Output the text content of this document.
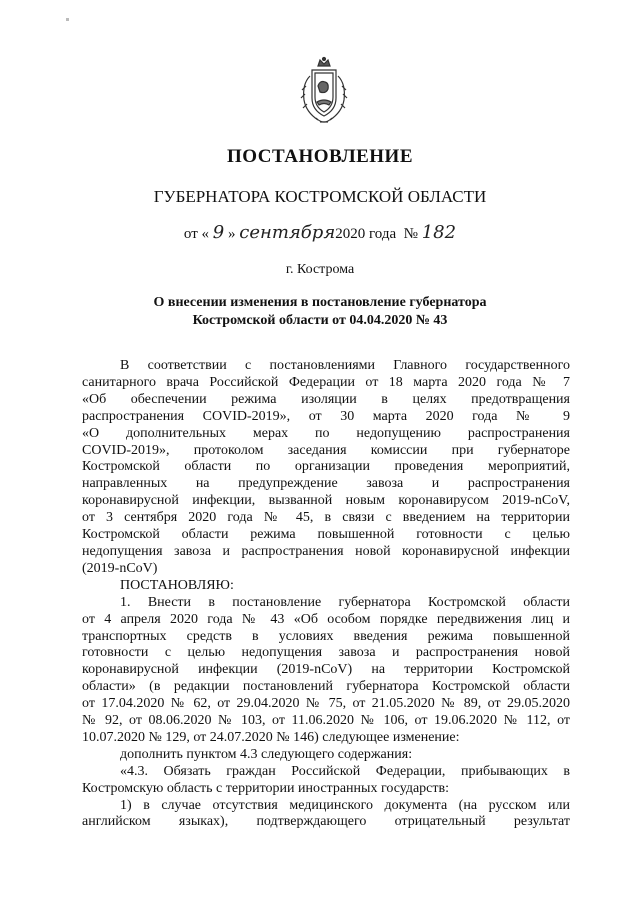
ПОСТАНОВЛЕНИЕ
ГУБЕРНАТОРА КОСТРОМСКОЙ ОБЛАСТИ
от « 9 » сентября2020 года № 182
г. Кострома
О внесении изменения в постановление губернатора
Костромской области от 04.04.2020 № 43
В соответствии с постановлениями Главного государственного
санитарного врача Российской Федерации от 18 марта 2020 года № 7
«Об обеспечении режима изоляции в целях предотвращения
распространения COVID-2019», от 30 марта 2020 года № 9
«О дополнительных мерах по недопущению распространения
COVID-2019», протоколом заседания комиссии при губернаторе
Костромской области по организации проведения мероприятий,
направленных на предупреждение завоза и распространения
коронавирусной инфекции, вызванной новым коронавирусом 2019-nCoV,
от 3 сентября 2020 года № 45, в связи с введением на территории
Костромской области режима повышенной готовности с целью
недопущения завоза и распространения новой коронавирусной инфекции
(2019-nCoV)
ПОСТАНОВЛЯЮ:
1. Внести в постановление губернатора Костромской области
от 4 апреля 2020 года № 43 «Об особом порядке передвижения лиц и
транспортных средств в условиях введения режима повышенной
готовности с целью недопущения завоза и распространения новой
коронавирусной инфекции (2019-nCoV) на территории Костромской
области» (в редакции постановлений губернатора Костромской области
от 17.04.2020 № 62, от 29.04.2020 № 75, от 21.05.2020 № 89, от 29.05.2020
№ 92, от 08.06.2020 № 103, от 11.06.2020 № 106, от 19.06.2020 № 112, от
10.07.2020 № 129, от 24.07.2020 № 146) следующее изменение:
дополнить пунктом 4.3 следующего содержания:
«4.3. Обязать граждан Российской Федерации, прибывающих в
Костромскую область с территории иностранных государств:
1) в случае отсутствия медицинского документа (на русском или
английском языках), подтверждающего отрицательный результат
